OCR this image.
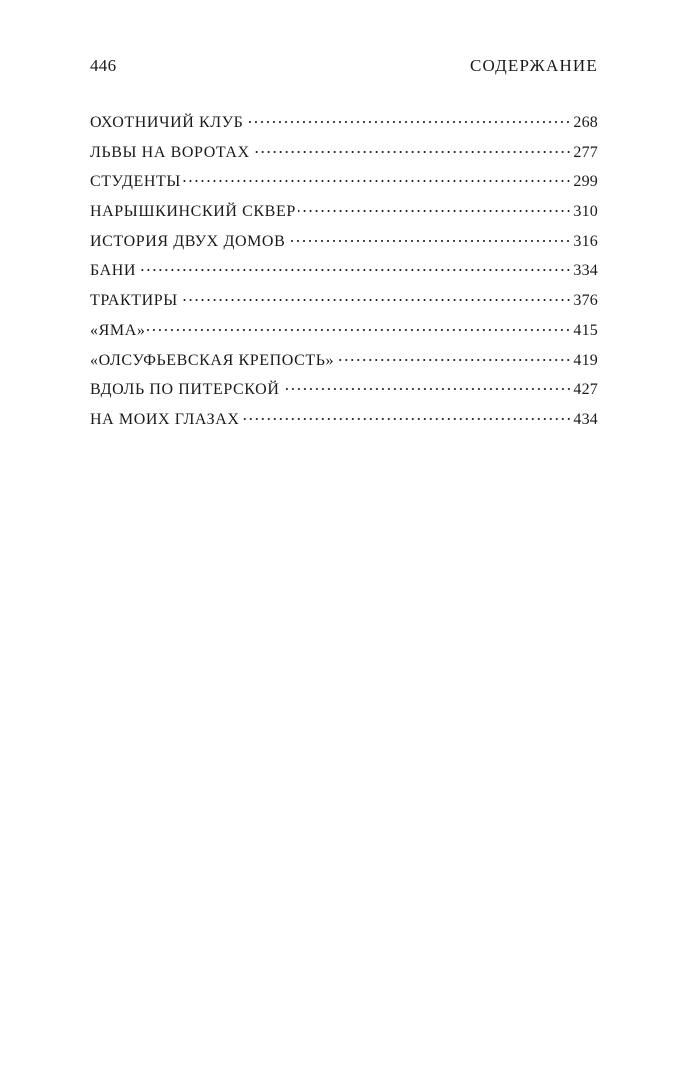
446	СОДЕРЖАНИЕ
ОХОТНИЧИЙ КЛУБ	268
ЛЬВЫ НА ВОРОТАХ	277
СТУДЕНТЫ	299
НАРЫШКИНСКИЙ СКВЕР	310
ИСТОРИЯ ДВУХ ДОМОВ	316
БАНИ	334
ТРАКТИРЫ	376
«ЯМА»	415
«ОЛСУФЬЕВСКАЯ КРЕПОСТЬ»	419
ВДОЛЬ ПО ПИТЕРСКОЙ	427
НА МОИХ ГЛАЗАХ	434
